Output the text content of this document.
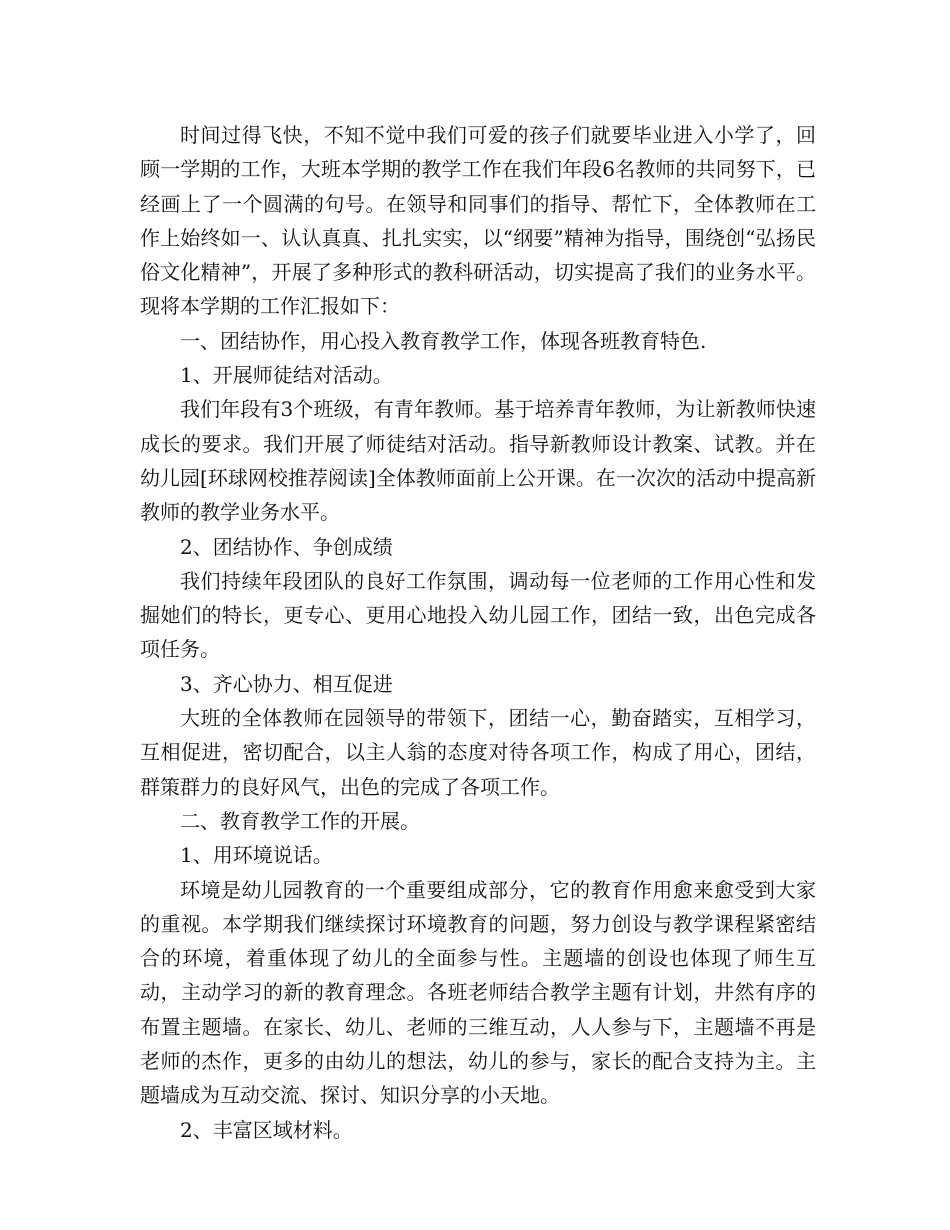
时间过得飞快，不知不觉中我们可爱的孩子们就要毕业进入小学了，回顾一学期的工作，大班本学期的教学工作在我们年段6名教师的共同努下，已经画上了一个圆满的句号。在领导和同事们的指导、帮忙下，全体教师在工作上始终如一、认认真真、扎扎实实，以“纲要”精神为指导，围绕创“弘扬民俗文化精神”，开展了多种形式的教科研活动，切实提高了我们的业务水平。现将本学期的工作汇报如下：

一、团结协作，用心投入教育教学工作，体现各班教育特色.

1、开展师徒结对活动。

我们年段有3个班级，有青年教师。基于培养青年教师，为让新教师快速成长的要求。我们开展了师徒结对活动。指导新教师设计教案、试教。并在幼儿园[环球网校推荐阅读]全体教师面前上公开课。在一次次的活动中提高新教师的教学业务水平。

2、团结协作、争创成绩

我们持续年段团队的良好工作氛围，调动每一位老师的工作用心性和发掘她们的特长，更专心、更用心地投入幼儿园工作，团结一致，出色完成各项任务。

3、齐心协力、相互促进

大班的全体教师在园领导的带领下，团结一心，勤奋踏实，互相学习，互相促进，密切配合，以主人翁的态度对待各项工作，构成了用心，团结，群策群力的良好风气，出色的完成了各项工作。

二、教育教学工作的开展。

1、用环境说话。

环境是幼儿园教育的一个重要组成部分，它的教育作用愈来愈受到大家的重视。本学期我们继续探讨环境教育的问题，努力创设与教学课程紧密结合的环境，着重体现了幼儿的全面参与性。主题墙的创设也体现了师生互动，主动学习的新的教育理念。各班老师结合教学主题有计划，井然有序的布置主题墙。在家长、幼儿、老师的三维互动，人人参与下，主题墙不再是老师的杰作，更多的由幼儿的想法，幼儿的参与，家长的配合支持为主。主题墙成为互动交流、探讨、知识分享的小天地。

2、丰富区域材料。
